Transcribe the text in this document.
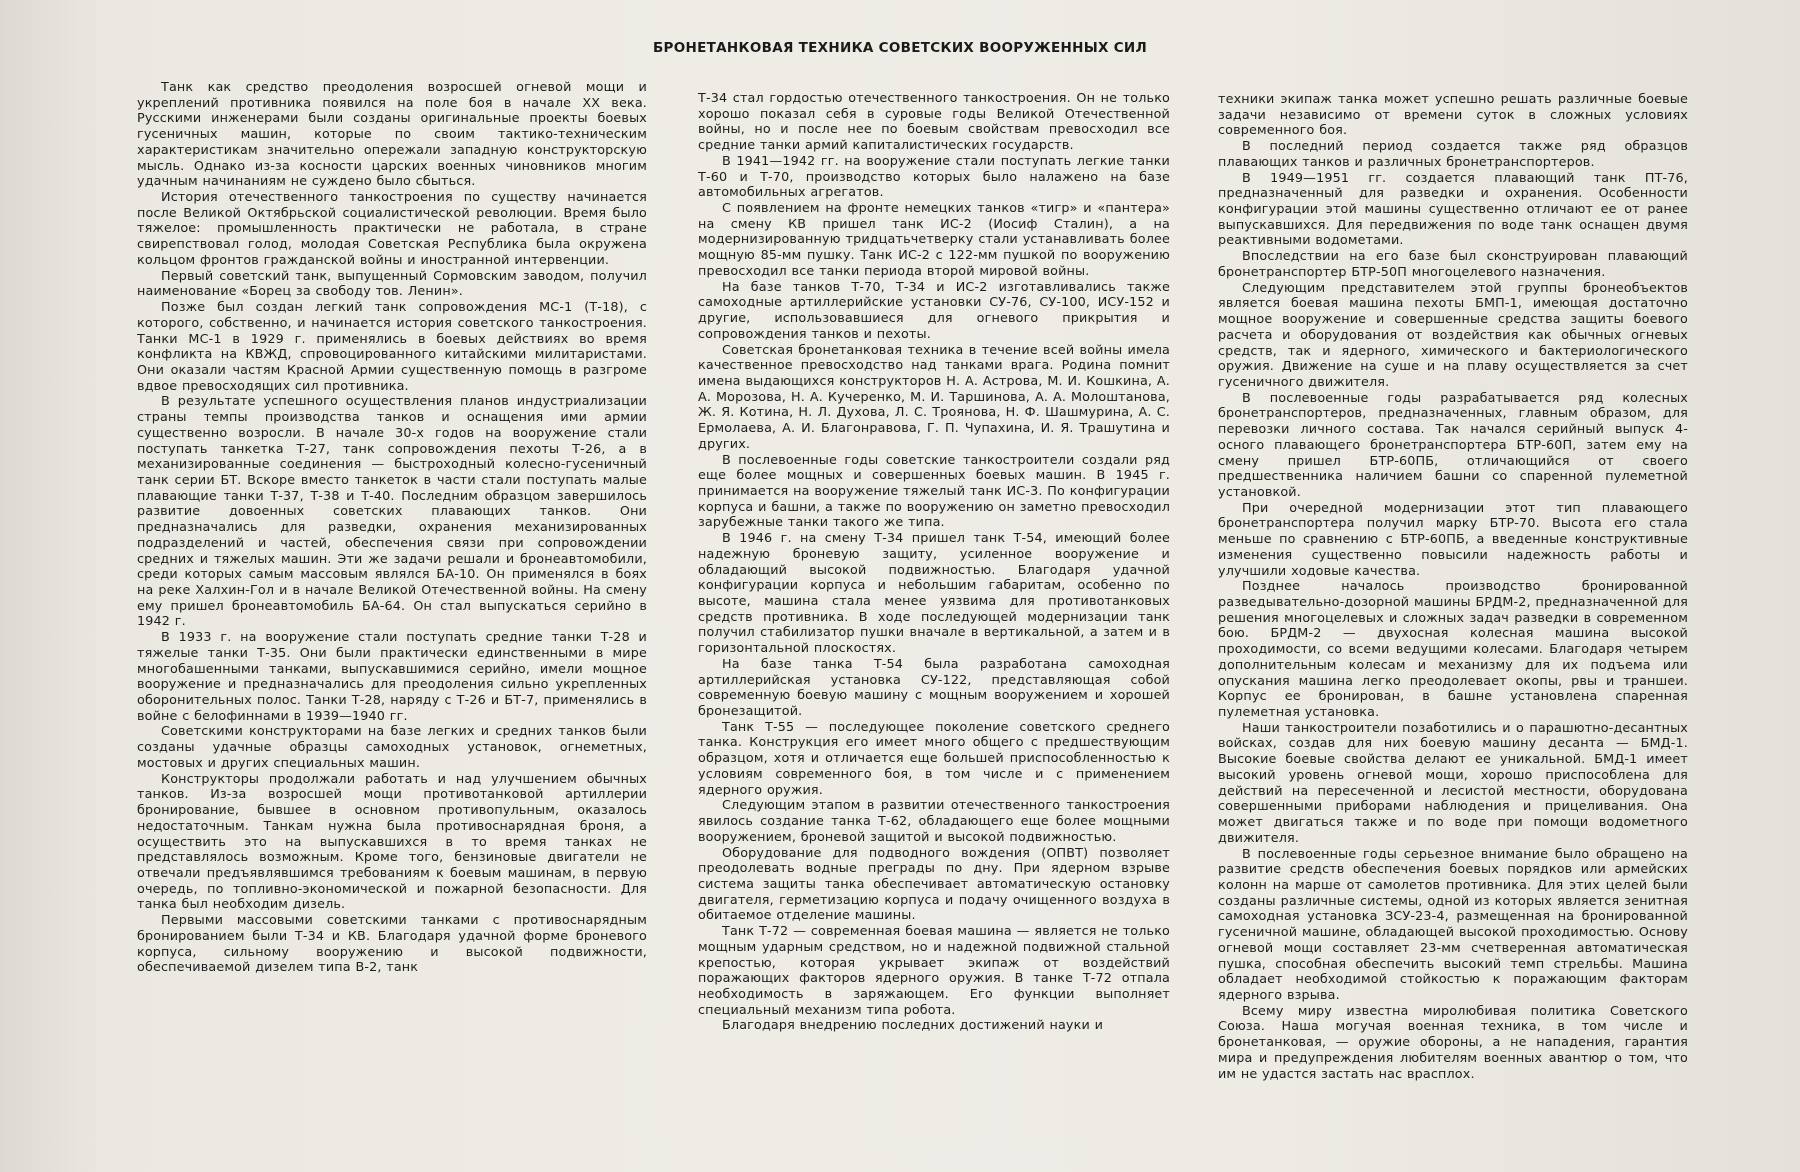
БРОНЕТАНКОВАЯ ТЕХНИКА СОВЕТСКИХ ВООРУЖЕННЫХ СИЛ

Танк как средство преодоления возросшей огневой мощи и укреплений противника появился на поле боя в начале XX века. Русскими инженерами были созданы оригинальные проекты боевых гусеничных машин, которые по своим тактико-техническим характеристикам значительно опережали западную конструкторскую мысль. Однако из-за косности царских военных чиновников многим удачным начинаниям не суждено было сбыться.

История отечественного танкостроения по существу начинается после Великой Октябрьской социалистической революции. Время было тяжелое: промышленность практически не работала, в стране свирепствовал голод, молодая Советская Республика была окружена кольцом фронтов гражданской войны и иностранной интервенции.

Первый советский танк, выпущенный Сормовским заводом, получил наименование «Борец за свободу тов. Ленин».

Позже был создан легкий танк сопровождения МС-1 (Т-18), с которого, собственно, и начинается история советского танкостроения. Танки МС-1 в 1929 г. применялись в боевых действиях во время конфликта на КВЖД, спровоцированного китайскими милитаристами. Они оказали частям Красной Армии существенную помощь в разгроме вдвое превосходящих сил противника.

В результате успешного осуществления планов индустриализации страны темпы производства танков и оснащения ими армии существенно возросли. В начале 30-х годов на вооружение стали поступать танкетка Т-27, танк сопровождения пехоты Т-26, а в механизированные соединения — быстроходный колесно-гусеничный танк серии БТ. Вскоре вместо танкеток в части стали поступать малые плавающие танки Т-37, Т-38 и Т-40. Последним образцом завершилось развитие довоенных советских плавающих танков. Они предназначались для разведки, охранения механизированных подразделений и частей, обеспечения связи при сопровождении средних и тяжелых машин. Эти же задачи решали и бронеавтомобили, среди которых самым массовым являлся БА-10. Он применялся в боях на реке Халхин-Гол и в начале Великой Отечественной войны. На смену ему пришел бронеавтомобиль БА-64. Он стал выпускаться серийно в 1942 г.

В 1933 г. на вооружение стали поступать средние танки Т-28 и тяжелые танки Т-35. Они были практически единственными в мире многобашенными танками, выпускавшимися серийно, имели мощное вооружение и предназначались для преодоления сильно укрепленных оборонительных полос. Танки Т-28, наряду с Т-26 и БТ-7, применялись в войне с белофиннами в 1939—1940 гг.

Советскими конструкторами на базе легких и средних танков были созданы удачные образцы самоходных установок, огнеметных, мостовых и других специальных машин.

Конструкторы продолжали работать и над улучшением обычных танков. Из-за возросшей мощи противотанковой артиллерии бронирование, бывшее в основном противопульным, оказалось недостаточным. Танкам нужна была противоснарядная броня, а осуществить это на выпускавшихся в то время танках не представлялось возможным. Кроме того, бензиновые двигатели не отвечали предъявлявшимся требованиям к боевым машинам, в первую очередь, по топливно-экономической и пожарной безопасности. Для танка был необходим дизель.

Первыми массовыми советскими танками с противоснарядным бронированием были Т-34 и КВ. Благодаря удачной форме броневого корпуса, сильному вооружению и высокой подвижности, обеспечиваемой дизелем типа В-2, танк

Т-34 стал гордостью отечественного танкостроения. Он не только хорошо показал себя в суровые годы Великой Отечественной войны, но и после нее по боевым свойствам превосходил все средние танки армий капиталистических государств.

В 1941—1942 гг. на вооружение стали поступать легкие танки Т-60 и Т-70, производство которых было налажено на базе автомобильных агрегатов.

С появлением на фронте немецких танков «тигр» и «пантера» на смену КВ пришел танк ИС-2 (Иосиф Сталин), а на модернизированную тридцатьчетверку стали устанавливать более мощную 85-мм пушку. Танк ИС-2 с 122-мм пушкой по вооружению превосходил все танки периода второй мировой войны.

На базе танков Т-70, Т-34 и ИС-2 изготавливались также самоходные артиллерийские установки СУ-76, СУ-100, ИСУ-152 и другие, использовавшиеся для огневого прикрытия и сопровождения танков и пехоты.

Советская бронетанковая техника в течение всей войны имела качественное превосходство над танками врага. Родина помнит имена выдающихся конструкторов Н. А. Астрова, М. И. Кошкина, А. А. Морозова, Н. А. Кучеренко, М. И. Таршинова, А. А. Молоштанова, Ж. Я. Котина, Н. Л. Духова, Л. С. Троянова, Н. Ф. Шашмурина, А. С. Ермолаева, А. И. Благонравова, Г. П. Чупахина, И. Я. Трашутина и других.

В послевоенные годы советские танкостроители создали ряд еще более мощных и совершенных боевых машин. В 1945 г. принимается на вооружение тяжелый танк ИС-3. По конфигурации корпуса и башни, а также по вооружению он заметно превосходил зарубежные танки такого же типа.

В 1946 г. на смену Т-34 пришел танк Т-54, имеющий более надежную броневую защиту, усиленное вооружение и обладающий высокой подвижностью. Благодаря удачной конфигурации корпуса и небольшим габаритам, особенно по высоте, машина стала менее уязвима для противотанковых средств противника. В ходе последующей модернизации танк получил стабилизатор пушки вначале в вертикальной, а затем и в горизонтальной плоскостях.

На базе танка Т-54 была разработана самоходная артиллерийская установка СУ-122, представляющая собой современную боевую машину с мощным вооружением и хорошей бронезащитой.

Танк Т-55 — последующее поколение советского среднего танка. Конструкция его имеет много общего с предшествующим образцом, хотя и отличается еще большей приспособленностью к условиям современного боя, в том числе и с применением ядерного оружия.

Следующим этапом в развитии отечественного танкостроения явилось создание танка Т-62, обладающего еще более мощными вооружением, броневой защитой и высокой подвижностью.

Оборудование для подводного вождения (ОПВТ) позволяет преодолевать водные преграды по дну. При ядерном взрыве система защиты танка обеспечивает автоматическую остановку двигателя, герметизацию корпуса и подачу очищенного воздуха в обитаемое отделение машины.

Танк Т-72 — современная боевая машина — является не только мощным ударным средством, но и надежной подвижной стальной крепостью, которая укрывает экипаж от воздействий поражающих факторов ядерного оружия. В танке Т-72 отпала необходимость в заряжающем. Его функции выполняет специальный механизм типа робота.

Благодаря внедрению последних достижений науки и

техники экипаж танка может успешно решать различные боевые задачи независимо от времени суток в сложных условиях современного боя.

В последний период создается также ряд образцов плавающих танков и различных бронетранспортеров.

В 1949—1951 гг. создается плавающий танк ПТ-76, предназначенный для разведки и охранения. Особенности конфигурации этой машины существенно отличают ее от ранее выпускавшихся. Для передвижения по воде танк оснащен двумя реактивными водометами.

Впоследствии на его базе был сконструирован плавающий бронетранспортер БТР-50П многоцелевого назначения.

Следующим представителем этой группы бронеобъектов является боевая машина пехоты БМП-1, имеющая достаточно мощное вооружение и совершенные средства защиты боевого расчета и оборудования от воздействия как обычных огневых средств, так и ядерного, химического и бактериологического оружия. Движение на суше и на плаву осуществляется за счет гусеничного движителя.

В послевоенные годы разрабатывается ряд колесных бронетранспортеров, предназначенных, главным образом, для перевозки личного состава. Так начался серийный выпуск 4-осного плавающего бронетранспортера БТР-60П, затем ему на смену пришел БТР-60ПБ, отличающийся от своего предшественника наличием башни со спаренной пулеметной установкой.

При очередной модернизации этот тип плавающего бронетранспортера получил марку БТР-70. Высота его стала меньше по сравнению с БТР-60ПБ, а введенные конструктивные изменения существенно повысили надежность работы и улучшили ходовые качества.

Позднее началось производство бронированной разведывательно-дозорной машины БРДМ-2, предназначенной для решения многоцелевых и сложных задач разведки в современном бою. БРДМ-2 — двухосная колесная машина высокой проходимости, со всеми ведущими колесами. Благодаря четырем дополнительным колесам и механизму для их подъема или опускания машина легко преодолевает окопы, рвы и траншеи. Корпус ее бронирован, в башне установлена спаренная пулеметная установка.

Наши танкостроители позаботились и о парашютно-десантных войсках, создав для них боевую машину десанта — БМД-1. Высокие боевые свойства делают ее уникальной. БМД-1 имеет высокий уровень огневой мощи, хорошо приспособлена для действий на пересеченной и лесистой местности, оборудована совершенными приборами наблюдения и прицеливания. Она может двигаться также и по воде при помощи водометного движителя.

В послевоенные годы серьезное внимание было обращено на развитие средств обеспечения боевых порядков или армейских колонн на марше от самолетов противника. Для этих целей были созданы различные системы, одной из которых является зенитная самоходная установка ЗСУ-23-4, размещенная на бронированной гусеничной машине, обладающей высокой проходимостью. Основу огневой мощи составляет 23-мм счетверенная автоматическая пушка, способная обеспечить высокий темп стрельбы. Машина обладает необходимой стойкостью к поражающим факторам ядерного взрыва.

Всему миру известна миролюбивая политика Советского Союза. Наша могучая военная техника, в том числе и бронетанковая, — оружие обороны, а не нападения, гарантия мира и предупреждения любителям военных авантюр о том, что им не удастся застать нас врасплох.
